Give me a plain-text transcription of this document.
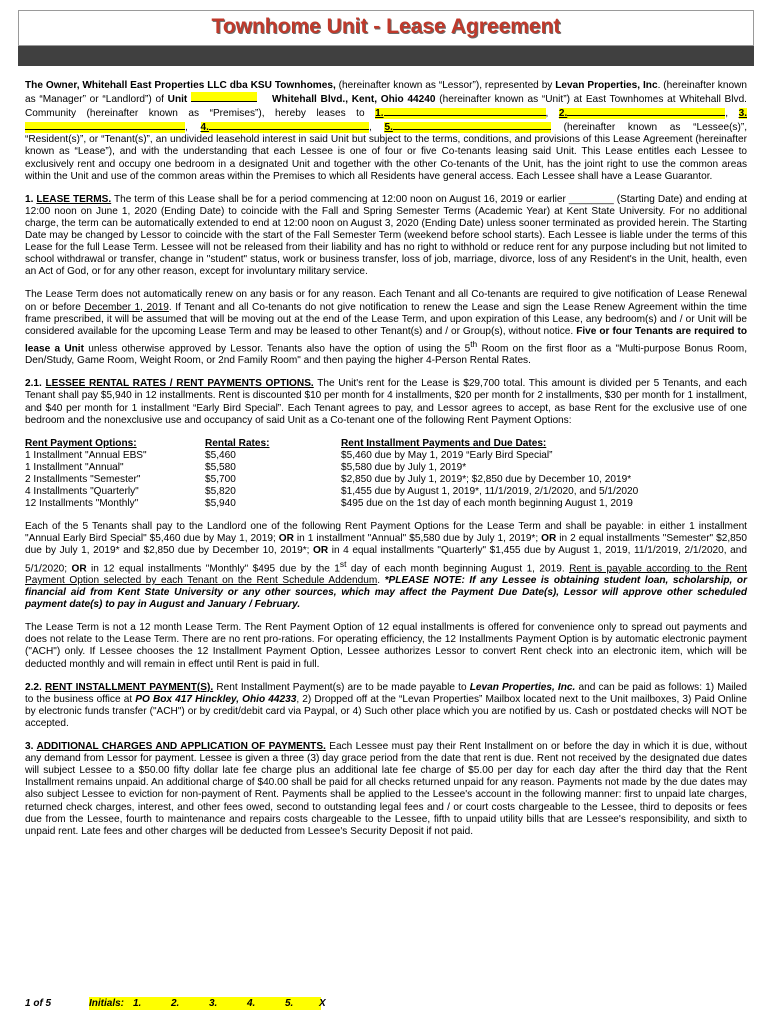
Townhome Unit - Lease Agreement

The Owner, Whitehall East Properties LLC dba KSU Townhomes, (hereinafter known as “Lessor”), represented by Levan Properties, Inc. (hereinafter known as “Manager” or “Landlord”) of Unit	Whitehall Blvd., Kent, Ohio 44240 (hereinafter known as “Unit”) at East Townhomes at Whitehall Blvd. Community (hereinafter known as “Premises”), hereby leases to 1.	, 2.	, 3., 4.	, 5.	(hereinafter known as “Lessee(s)”, “Resident(s)”, or “Tenant(s)”, an undivided leasehold interest in said Unit but subject to the terms, conditions, and provisions of this Lease Agreement (hereinafter known as “Lease”), and with the understanding that each Lessee is one of four or five Co-tenants leasing said Unit. This Lease entitles each Lessee to exclusively rent and occupy one bedroom in a designated Unit and together with the other Co-tenants of the Unit, has the joint right to use the common areas within the Unit and use of the common areas within the Premises to which all Residents have general access. Each Lessee shall have a Lease Guarantor.

1. LEASE TERMS. The term of this Lease shall be for a period commencing at 12:00 noon on August 16, 2019 or earlier ________ (Starting Date) and ending at 12:00 noon on June 1, 2020 (Ending Date) to coincide with the Fall and Spring Semester Terms (Academic Year) at Kent State University. For no additional charge, the term can be automatically extended to end at 12:00 noon on August 3, 2020 (Ending Date) unless sooner terminated as provided herein. The Starting Date may be changed by Lessor to coincide with the start of the Fall Semester Term (weekend before school starts). Each Lessee is liable under the terms of this Lease for the full Lease Term. Lessee will not be released from their liability and has no right to withhold or reduce rent for any purpose including but not limited to school withdrawal or transfer, change in "student" status, work or business transfer, loss of job, marriage, divorce, loss of any Resident's in the Unit, health, even an Act of God, or for any other reason, except for involuntary military service.

The Lease Term does not automatically renew on any basis or for any reason. Each Tenant and all Co-tenants are required to give notification of Lease Renewal on or before December 1, 2019. If Tenant and all Co-tenants do not give notification to renew the Lease and sign the Lease Renew Agreement within the time frame prescribed, it will be assumed that will be moving out at the end of the Lease Term, and upon expiration of this Lease, any bedroom(s) and / or Unit will be considered available for the upcoming Lease Term and may be leased to other Tenant(s) and / or Group(s), without notice. Five or four Tenants are required to lease a Unit unless otherwise approved by Lessor. Tenants also have the option of using the 5th Room on the first floor as a "Multi-purpose Bonus Room, Den/Study, Game Room, Weight Room, or 2nd Family Room" and then paying the higher 4-Person Rental Rates.

2.1. LESSEE RENTAL RATES / RENT PAYMENTS OPTIONS. The Unit's rent for the Lease is $29,700 total. This amount is divided per 5 Tenants, and each Tenant shall pay $5,940 in 12 installments. Rent is discounted $10 per month for 4 installments, $20 per month for 2 installments, $30 per month for 1 installment, and $40 per month for 1 installment “Early Bird Special”. Each Tenant agrees to pay, and Lessor agrees to accept, as base Rent for the exclusive use of one bedroom and the nonexclusive use and occupancy of said Unit as a Co-tenant one of the following Rent Payment Options:

Rent Payment Options:	Rental Rates:	Rent Installment Payments and Due Dates:
1 Installment "Annual EBS"	$5,460	$5,460 due by May 1, 2019 “Early Bird Special”
1 Installment "Annual"	$5,580	$5,580 due by July 1, 2019*
2 Installments "Semester"	$5,700	$2,850 due by July 1, 2019*; $2,850 due by December 10, 2019*
4 Installments "Quarterly"	$5,820	$1,455 due by August 1, 2019*, 11/1/2019, 2/1/2020, and 5/1/2020
12 Installments "Monthly"	$5,940	$495 due on the 1st day of each month beginning August 1, 2019

Each of the 5 Tenants shall pay to the Landlord one of the following Rent Payment Options for the Lease Term and shall be payable: in either 1 installment "Annual Early Bird Special" $5,460 due by May 1, 2019; OR in 1 installment "Annual" $5,580 due by July 1, 2019*; OR in 2 equal installments "Semester" $2,850 due by July 1, 2019* and $2,850 due by December 10, 2019*; OR in 4 equal installments "Quarterly" $1,455 due by August 1, 2019, 11/1/2019, 2/1/2020, and 5/1/2020; OR in 12 equal installments "Monthly" $495 due by the 1st day of each month beginning August 1, 2019. Rent is payable according to the Rent Payment Option selected by each Tenant on the Rent Schedule Addendum. *PLEASE NOTE: If any Lessee is obtaining student loan, scholarship, or financial aid from Kent State University or any other sources, which may affect the Payment Due Date(s), Lessor will approve other scheduled payment date(s) to pay in August and January / February.

The Lease Term is not a 12 month Lease Term. The Rent Payment Option of 12 equal installments is offered for convenience only to spread out payments and does not relate to the Lease Term. There are no rent pro-rations. For operating efficiency, the 12 Installments Payment Option is by automatic electronic payment ("ACH") only. If Lessee chooses the 12 Installment Payment Option, Lessee authorizes Lessor to convert Rent check into an electronic item, which will be deducted monthly and will remain in effect until Rent is paid in full.

2.2. RENT INSTALLMENT PAYMENT(S). Rent Installment Payment(s) are to be made payable to Levan Properties, Inc. and can be paid as follows: 1) Mailed to the business office at PO Box 417 Hinckley, Ohio 44233, 2) Dropped off at the “Levan Properties” Mailbox located next to the Unit mailboxes, 3) Paid Online by electronic funds transfer ("ACH") or by credit/debit card via Paypal, or 4) Such other place which you are notified by us. Cash or postdated checks will NOT be accepted.

3. ADDITIONAL CHARGES AND APPLICATION OF PAYMENTS. Each Lessee must pay their Rent Installment on or before the day in which it is due, without any demand from Lessor for payment. Lessee is given a three (3) day grace period from the date that rent is due. Rent not received by the designated due dates will subject Lessee to a $50.00 fifty dollar late fee charge plus an additional late fee charge of $5.00 per day for each day after the third day that the Rent Installment remains unpaid. An additional charge of $40.00 shall be paid for all checks returned unpaid for any reason. Payments not made by the due dates may also subject Lessee to eviction for non-payment of Rent. Payments shall be applied to the Lessee's account in the following manner: first to unpaid late charges, returned check charges, interest, and other fees owed, second to outstanding legal fees and / or court costs chargeable to the Lessee, third to deposits or fees due from the Lessee, fourth to maintenance and repairs costs chargeable to the Lessee, fifth to unpaid utility bills that are Lessee's responsibility, and sixth to unpaid rent. Late fees and other charges will be deducted from Lessee's Security Deposit if not paid.

1 of 5	Initials: 1.	2.	3.	4.	5.	X
